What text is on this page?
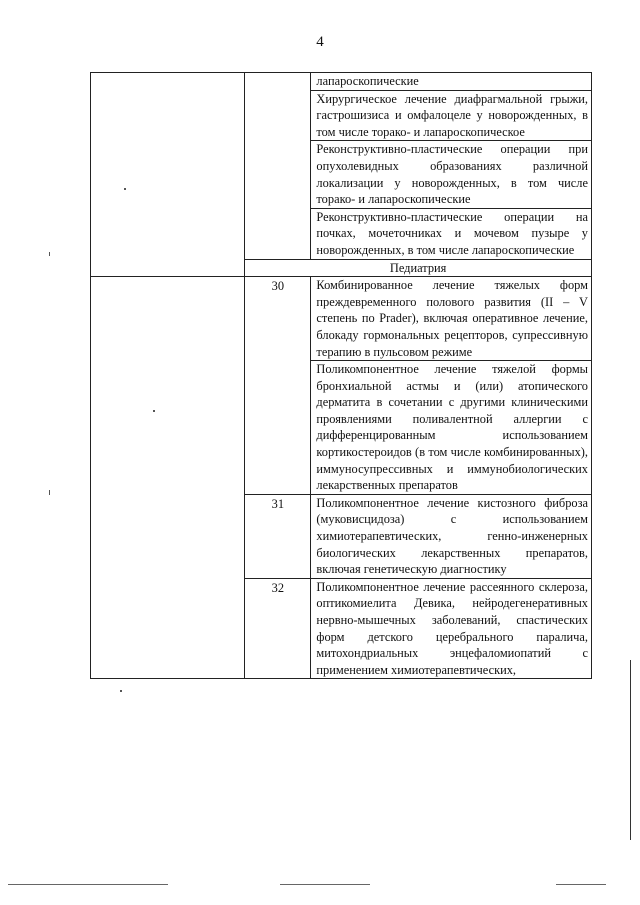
4

		лапароскопические

		Хирургическое лечение диафрагмальной грыжи, гастрошизиса и омфалоцеле у новорожденных, в том числе торако- и лапароскопическое

		Реконструктивно-пластические операции при опухолевидных образованиях различной локализации у новорожденных, в том числе торако- и лапароскопические

		Реконструктивно-пластические операции на почках, мочеточниках и мочевом пузыре у новорожденных, в том числе лапароскопические

	Педиатрия	
	30	Комбинированное лечение тяжелых форм преждевременного полового развития (II – V степень по Prader), включая оперативное лечение, блокаду гормональных рецепторов, супрессивную терапию в пульсовом режиме

		Поликомпонентное лечение тяжелой формы бронхиальной астмы и (или) атопического дерматита в сочетании с другими клиническими проявлениями поливалентной аллергии с дифференцированным использованием кортикостероидов (в том числе комбинированных), иммуносупрессивных и иммунобиологических лекарственных препаратов

	31	Поликомпонентное лечение кистозного фиброза (муковисцидоза) с использованием химиотерапевтических, генно-инженерных биологических лекарственных препаратов, включая генетическую диагностику

	32	Поликомпонентное лечение рассеянного склероза, оптикомиелита Девика, нейродегенеративных нервно-мышечных заболеваний, спастических форм детского церебрального паралича, митохондриальных энцефаломиопатий с применением химиотерапевтических,
